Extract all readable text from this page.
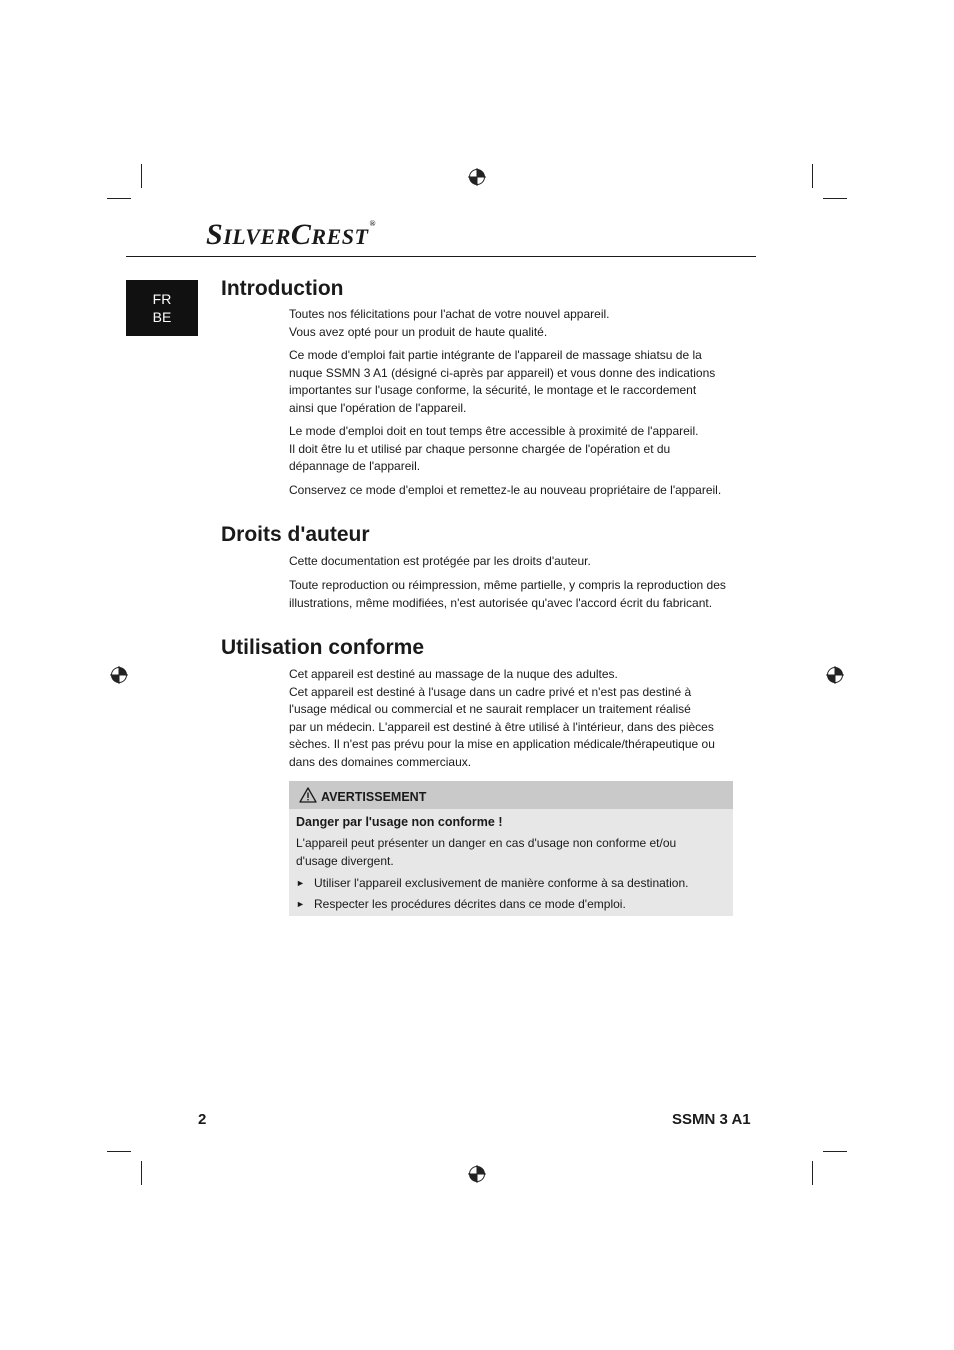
SILVERCREST®
FR
BE
Introduction

Toutes nos félicitations pour l'achat de votre nouvel appareil.
Vous avez opté pour un produit de haute qualité.

Ce mode d'emploi fait partie intégrante de l'appareil de massage shiatsu de la
nuque SSMN 3 A1 (désigné ci-après par appareil) et vous donne des indications
importantes sur l'usage conforme, la sécurité, le montage et le raccordement
ainsi que l'opération de l'appareil.

Le mode d'emploi doit en tout temps être accessible à proximité de l'appareil.
Il doit être lu et utilisé par chaque personne chargée de l'opération et du
dépannage de l'appareil.

Conservez ce mode d'emploi et remettez-le au nouveau propriétaire de l'appareil.

Droits d'auteur

Cette documentation est protégée par les droits d'auteur.

Toute reproduction ou réimpression, même partielle, y compris la reproduction des
illustrations, même modifiées, n'est autorisée qu'avec l'accord écrit du fabricant.

Utilisation conforme

Cet appareil est destiné au massage de la nuque des adultes.
Cet appareil est destiné à l'usage dans un cadre privé et n'est pas destiné à
l'usage médical ou commercial et ne saurait remplacer un traitement réalisé
par un médecin. L'appareil est destiné à être utilisé à l'intérieur, dans des pièces
sèches. Il n'est pas prévu pour la mise en application médicale/thérapeutique ou
dans des domaines commerciaux.

AVERTISSEMENT
Danger par l'usage non conforme !
L'appareil peut présenter un danger en cas d'usage non conforme et/ou
d'usage divergent.
► Utiliser l'appareil exclusivement de manière conforme à sa destination.
► Respecter les procédures décrites dans ce mode d'emploi.
2	SSMN 3 A1
